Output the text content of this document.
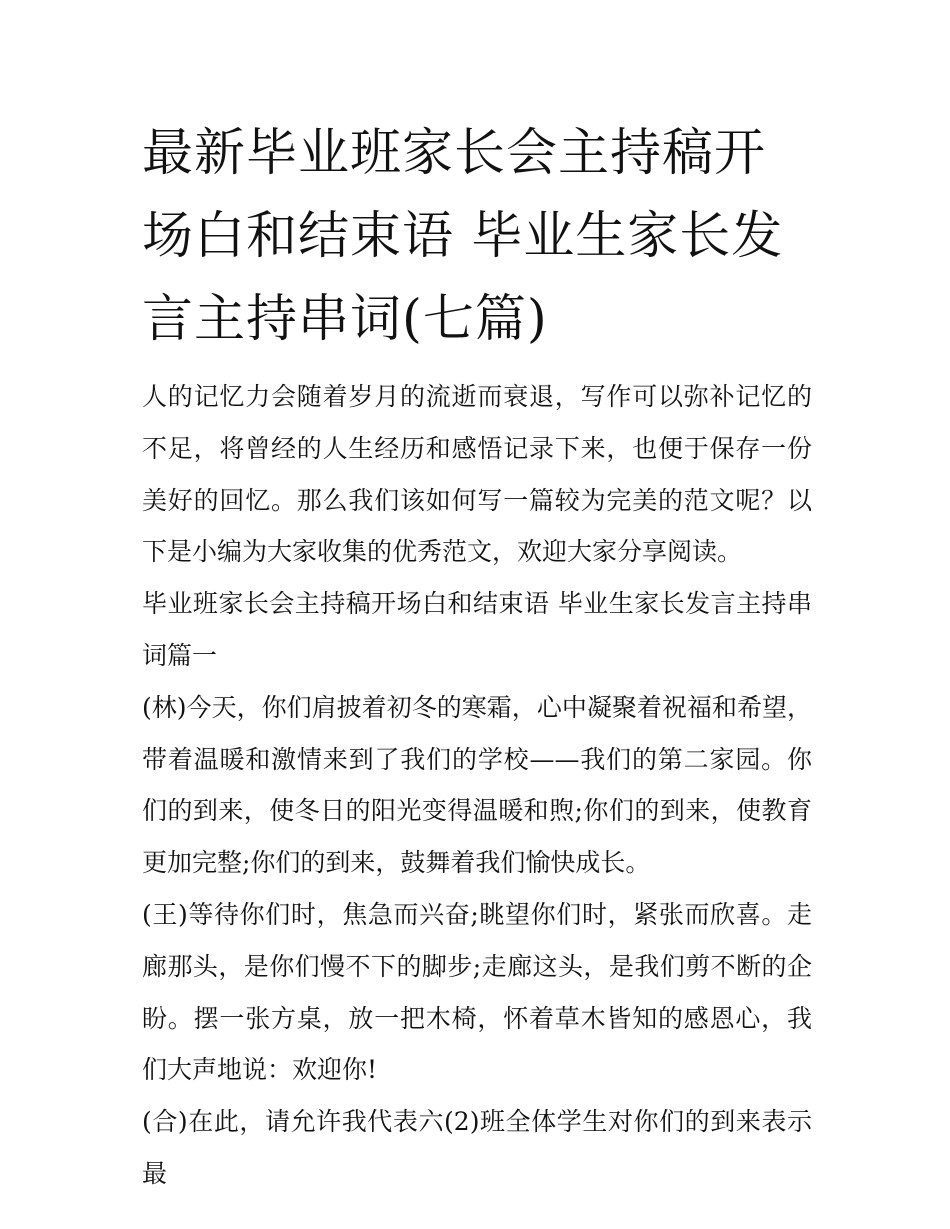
最新毕业班家长会主持稿开场白和结束语 毕业生家长发言主持串词(七篇)

人的记忆力会随着岁月的流逝而衰退，写作可以弥补记忆的不足，将曾经的人生经历和感悟记录下来，也便于保存一份美好的回忆。那么我们该如何写一篇较为完美的范文呢？以下是小编为大家收集的优秀范文，欢迎大家分享阅读。

毕业班家长会主持稿开场白和结束语 毕业生家长发言主持串词篇一

(林)今天，你们肩披着初冬的寒霜，心中凝聚着祝福和希望，带着温暖和激情来到了我们的学校——我们的第二家园。你们的到来，使冬日的阳光变得温暖和煦;你们的到来，使教育更加完整;你们的到来，鼓舞着我们愉快成长。

(王)等待你们时，焦急而兴奋;眺望你们时，紧张而欣喜。走廊那头，是你们慢不下的脚步;走廊这头，是我们剪不断的企盼。摆一张方桌，放一把木椅，怀着草木皆知的感恩心，我们大声地说：欢迎你!

(合)在此，请允许我代表六(2)班全体学生对你们的到来表示最
